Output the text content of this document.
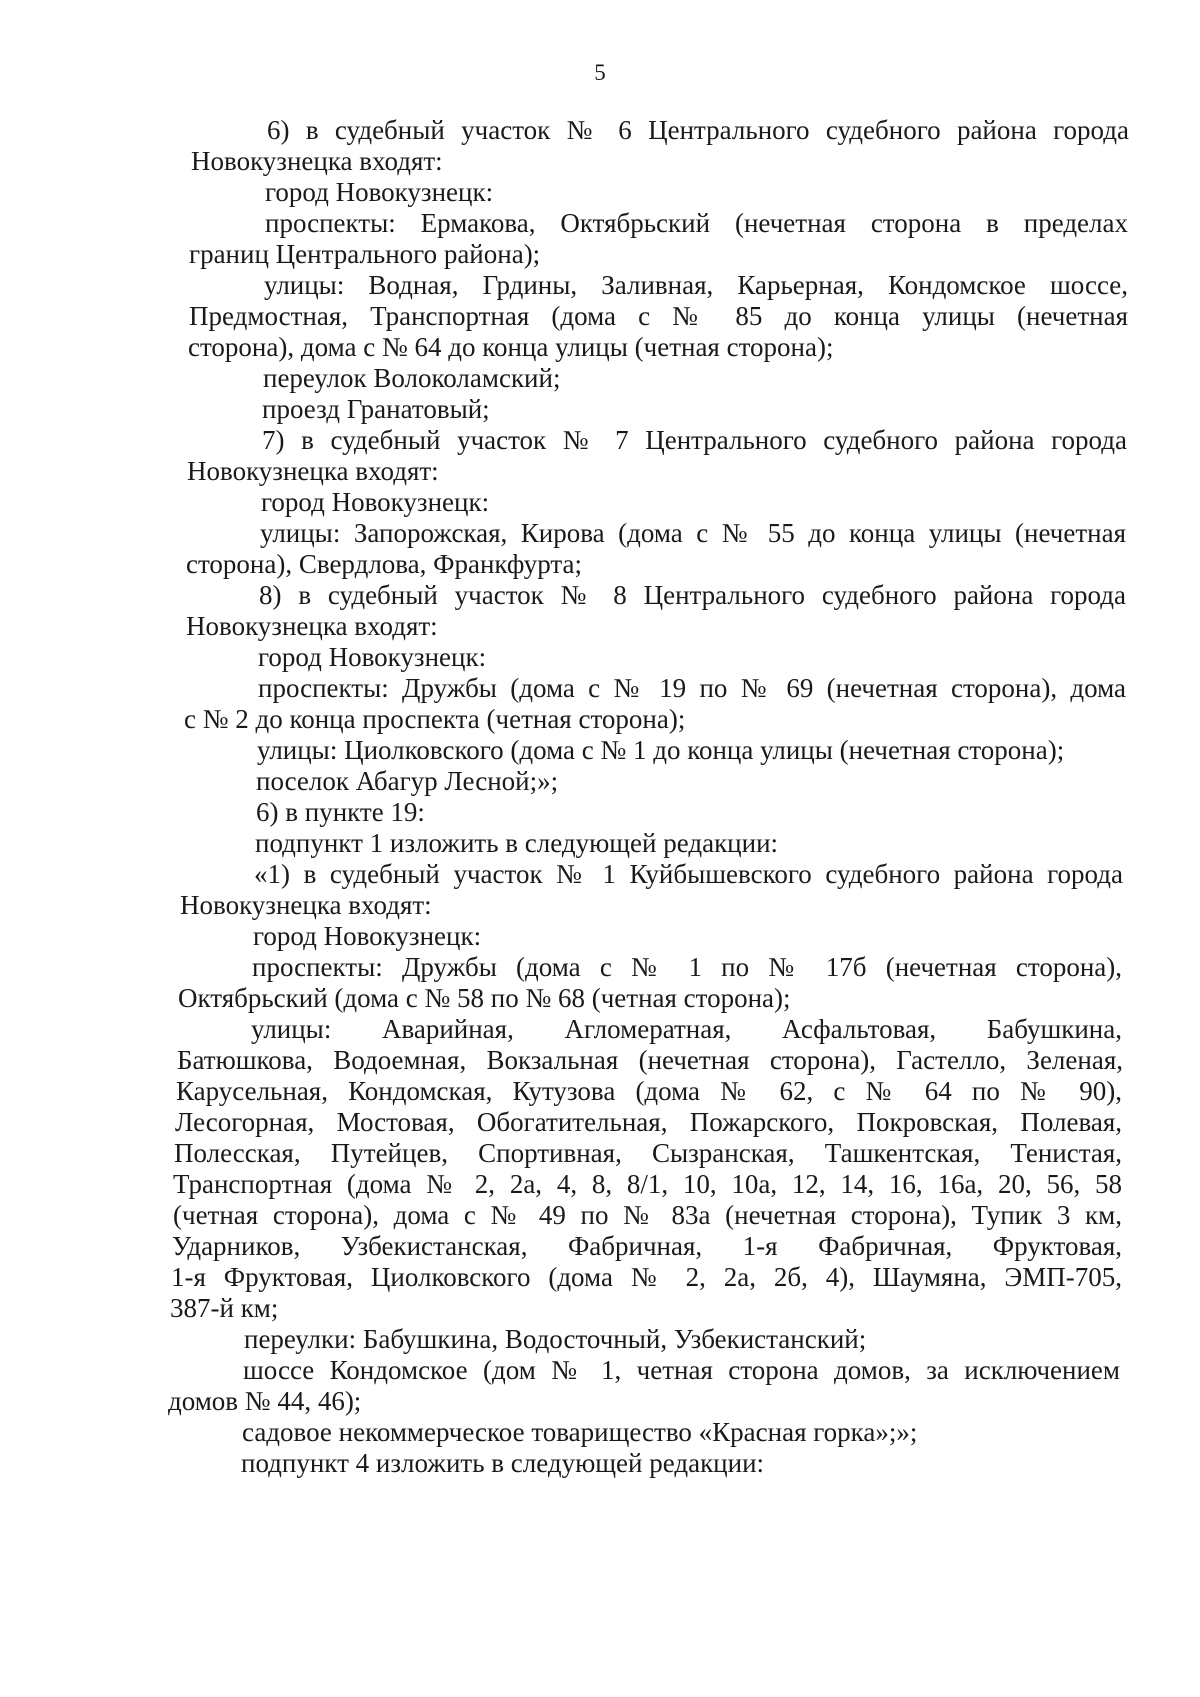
5
6) в судебный участок № 6 Центрального судебного района города
Новокузнецка входят:
город Новокузнецк:
проспекты: Ермакова, Октябрьский (нечетная сторона в пределах
границ Центрального района);
улицы: Водная, Грдины, Заливная, Карьерная, Кондомское шоссе,
Предмостная, Транспортная (дома с № 85 до конца улицы (нечетная
сторона), дома с № 64 до конца улицы (четная сторона);
переулок Волоколамский;
проезд Гранатовый;
7) в судебный участок № 7 Центрального судебного района города
Новокузнецка входят:
город Новокузнецк:
улицы: Запорожская, Кирова (дома с № 55 до конца улицы (нечетная
сторона), Свердлова, Франкфурта;
8) в судебный участок № 8 Центрального судебного района города
Новокузнецка входят:
город Новокузнецк:
проспекты: Дружбы (дома с № 19 по № 69 (нечетная сторона), дома
с № 2 до конца проспекта (четная сторона);
улицы: Циолковского (дома с № 1 до конца улицы (нечетная сторона);
поселок Абагур Лесной;»;
6) в пункте 19:
подпункт 1 изложить в следующей редакции:
«1) в судебный участок № 1 Куйбышевского судебного района города
Новокузнецка входят:
город Новокузнецк:
проспекты: Дружбы (дома с № 1 по № 17б (нечетная сторона),
Октябрьский (дома с № 58 по № 68 (четная сторона);
улицы: Аварийная, Агломератная, Асфальтовая, Бабушкина,
Батюшкова, Водоемная, Вокзальная (нечетная сторона), Гастелло, Зеленая,
Карусельная, Кондомская, Кутузова (дома № 62, с № 64 по № 90),
Лесогорная, Мостовая, Обогатительная, Пожарского, Покровская, Полевая,
Полесская, Путейцев, Спортивная, Сызранская, Ташкентская, Тенистая,
Транспортная (дома № 2, 2а, 4, 8, 8/1, 10, 10а, 12, 14, 16, 16а, 20, 56, 58
(четная сторона), дома с № 49 по № 83а (нечетная сторона), Тупик 3 км,
Ударников, Узбекистанская, Фабричная, 1-я Фабричная, Фруктовая,
1-я Фруктовая, Циолковского (дома № 2, 2а, 2б, 4), Шаумяна, ЭМП-705,
387-й км;
переулки: Бабушкина, Водосточный, Узбекистанский;
шоссе Кондомское (дом № 1, четная сторона домов, за исключением
домов № 44, 46);
садовое некоммерческое товарищество «Красная горка»;»;
подпункт 4 изложить в следующей редакции:
